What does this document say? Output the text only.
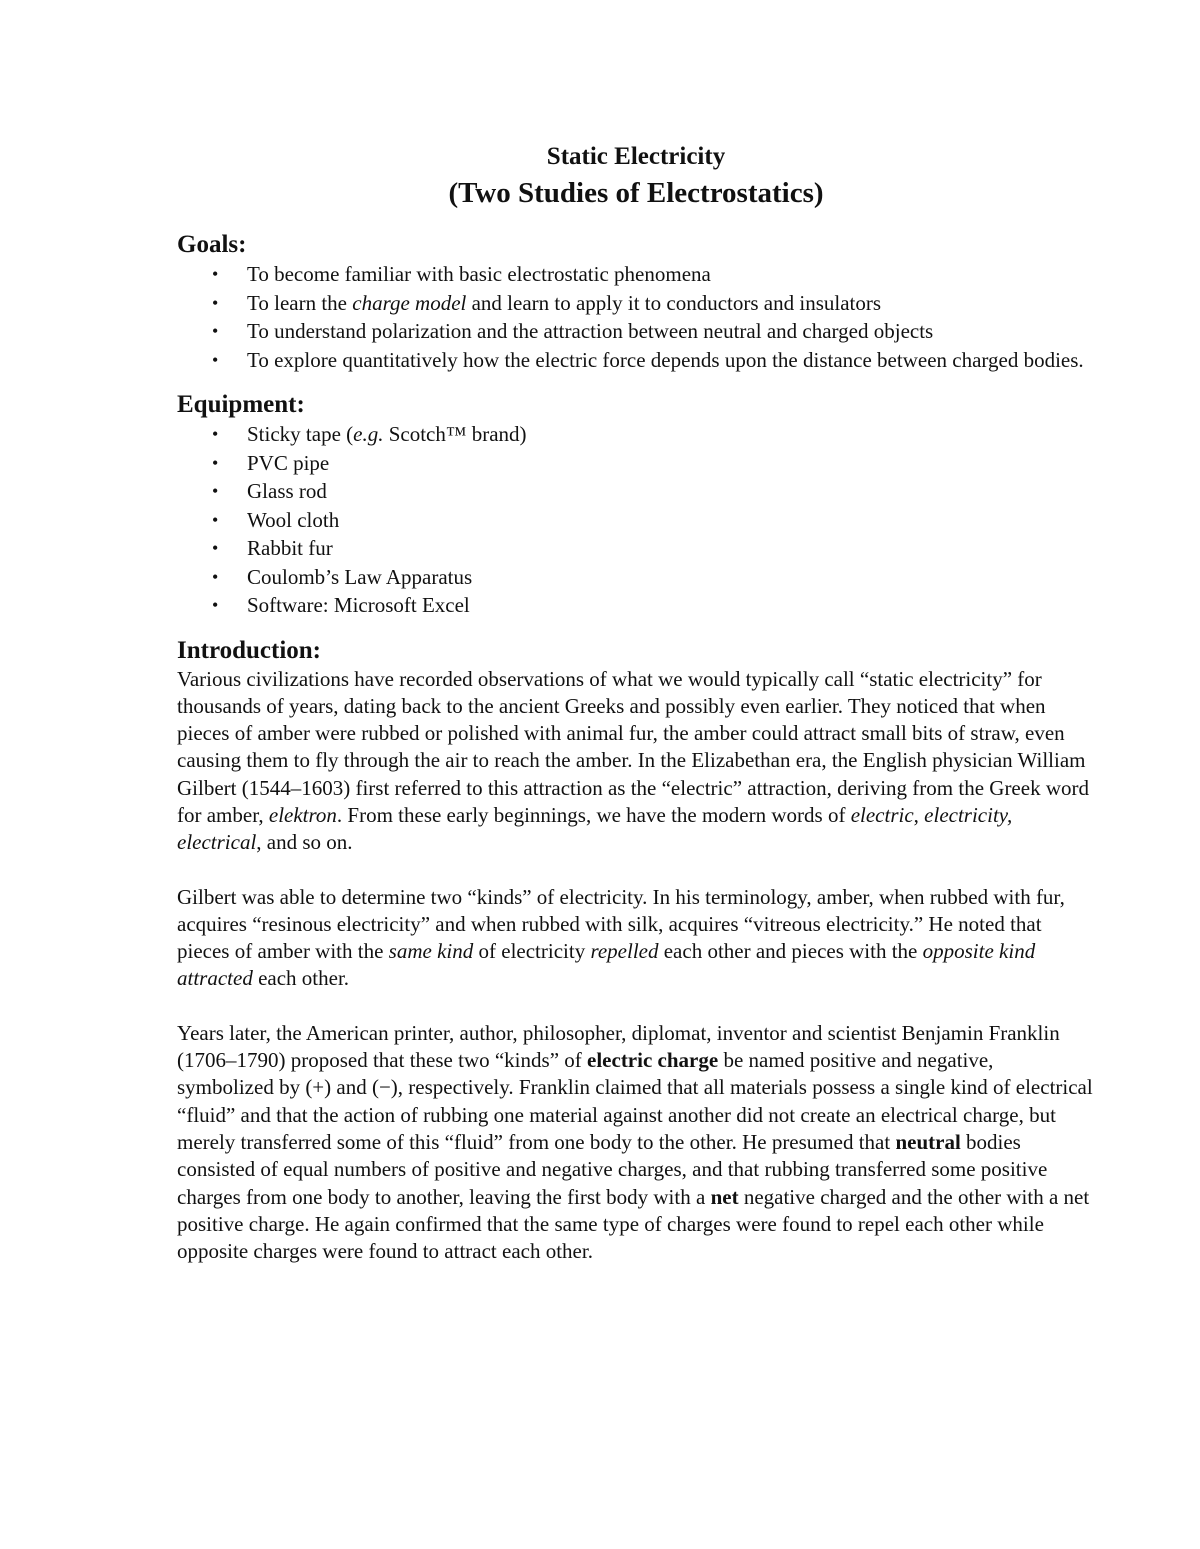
Static Electricity
(Two Studies of Electrostatics)
Goals:
• To become familiar with basic electrostatic phenomena
• To learn the charge model and learn to apply it to conductors and insulators
• To understand polarization and the attraction between neutral and charged objects
• To explore quantitatively how the electric force depends upon the distance between charged bodies.
Equipment:
• Sticky tape (e.g. Scotch™ brand)
• PVC pipe
• Glass rod
• Wool cloth
• Rabbit fur
• Coulomb’s Law Apparatus
• Software: Microsoft Excel
Introduction:

Various civilizations have recorded observations of what we would typically call “static electricity” for thousands of years, dating back to the ancient Greeks and possibly even earlier. They noticed that when pieces of amber were rubbed or polished with animal fur, the amber could attract small bits of straw, even causing them to fly through the air to reach the amber. In the Elizabethan era, the English physician William Gilbert (1544–1603) first referred to this attraction as the “electric” attraction, deriving from the Greek word for amber, elektron. From these early beginnings, we have the modern words of electric, electricity, electrical, and so on.

Gilbert was able to determine two “kinds” of electricity. In his terminology, amber, when rubbed with fur, acquires “resinous electricity” and when rubbed with silk, acquires “vitreous electricity.” He noted that pieces of amber with the same kind of electricity repelled each other and pieces with the opposite kind attracted each other.

Years later, the American printer, author, philosopher, diplomat, inventor and scientist Benjamin Franklin (1706–1790) proposed that these two “kinds” of electric charge be named positive and negative, symbolized by (+) and (−), respectively. Franklin claimed that all materials possess a single kind of electrical “fluid” and that the action of rubbing one material against another did not create an electrical charge, but merely transferred some of this “fluid” from one body to the other. He presumed that neutral bodies consisted of equal numbers of positive and negative charges, and that rubbing transferred some positive charges from one body to another, leaving the first body with a net negative charged and the other with a net positive charge. He again confirmed that the same type of charges were found to repel each other while opposite charges were found to attract each other.
